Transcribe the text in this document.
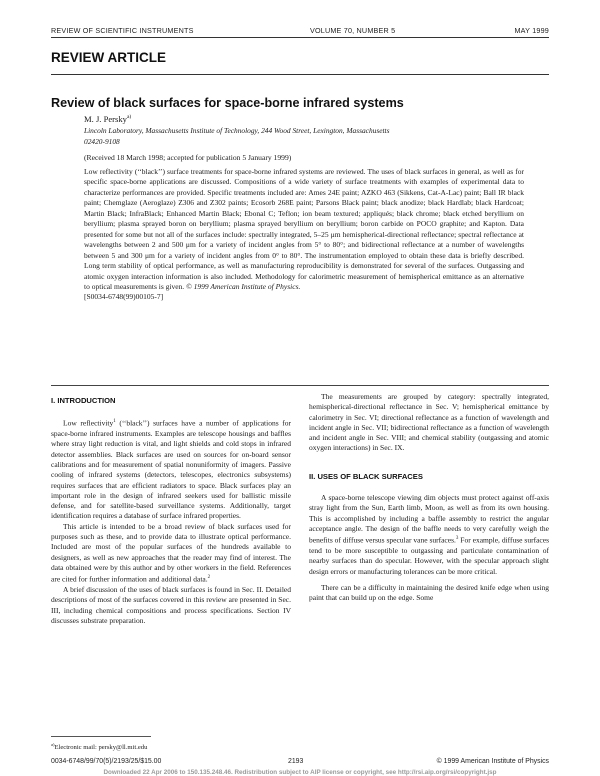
REVIEW OF SCIENTIFIC INSTRUMENTS	VOLUME 70, NUMBER 5	MAY 1999
REVIEW ARTICLE
Review of black surfaces for space-borne infrared systems
M. J. Persky$^{a)}$
Lincoln Laboratory, Massachusetts Institute of Technology, 244 Wood Street, Lexington, Massachusetts
02420-9108
(Received 18 March 1998; accepted for publication 5 January 1999)
Low reflectivity (‘‘black’’) surface treatments for space-borne infrared systems are reviewed. The uses of black surfaces in general, as well as for specific space-borne applications are discussed. Compositions of a wide variety of surface treatments with examples of experimental data to characterize performances are provided. Specific treatments included are: Ames 24E paint; AZKO 463 (Sikkens, Cat-A-Lac) paint; Ball IR black paint; Chemglaze (Aeroglaze) Z306 and Z302 paints; Ecosorb 268E paint; Parsons Black paint; black anodize; black Hardlab; black Hardcoat; Martin Black; InfraBlack; Enhanced Martin Black; Ebonal C; Teflon; ion beam textured; appliqués; black chrome; black etched beryllium on beryllium; plasma sprayed boron on beryllium; plasma sprayed beryllium on beryllium; boron carbide on POCO graphite; and Kapton. Data presented for some but not all of the surfaces include: spectrally integrated, 5–25 μm hemispherical-directional reflectance; spectral reflectance at wavelengths between 2 and 500 μm for a variety of incident angles from 5° to 80°; and bidirectional reflectance at a number of wavelengths between 5 and 300 μm for a variety of incident angles from 0° to 80°. The instrumentation employed to obtain these data is briefly described. Long term stability of optical performance, as well as manufacturing reproducibility is demonstrated for several of the surfaces. Outgassing and atomic oxygen interaction information is also included. Methodology for calorimetric measurement of hemispherical emittance as an alternative to optical measurements is given. © 1999 American Institute of Physics.
[S0034-6748(99)00105-7]

I. INTRODUCTION

Low reflectivity$^1$ (‘‘black’’) surfaces have a number of applications for space-borne infrared instruments. Examples are telescope housings and baffles where stray light reduction is vital, and light shields and cold stops in infrared detector assemblies. Black surfaces are used on sources for on-board sensor calibrations and for measurement of spatial nonuniformity of imagers. Passive cooling of infrared systems (detectors, telescopes, electronics subsystems) requires surfaces that are efficient radiators to space. Black surfaces play an important role in the design of infrared seekers used for ballistic missile defense, and for satellite-based surveillance systems. Additionally, target identification requires a database of surface infrared properties.

This article is intended to be a broad review of black surfaces used for purposes such as these, and to provide data to illustrate optical performance. Included are most of the popular surfaces of the hundreds available to designers, as well as new approaches that the reader may find of interest. The data obtained were by this author and by other workers in the field. References are cited for further information and additional data.$^2$

A brief discussion of the uses of black surfaces is found in Sec. II. Detailed descriptions of most of the surfaces covered in this review are presented in Sec. III, including chemical compositions and process specifications. Section IV discusses substrate preparation.

The measurements are grouped by category: spectrally integrated, hemispherical-directional reflectance in Sec. V; hemispherical emittance by calorimetry in Sec. VI; directional reflectance as a function of wavelength and incident angle in Sec. VII; bidirectional reflectance as a function of wavelength and incident angle in Sec. VIII; and chemical stability (outgassing and atomic oxygen interactions) in Sec. IX.

II. USES OF BLACK SURFACES

A space-borne telescope viewing dim objects must protect against off-axis stray light from the Sun, Earth limb, Moon, as well as from its own housing. This is accomplished by including a baffle assembly to restrict the angular acceptance angle. The design of the baffle needs to very carefully weigh the benefits of diffuse versus specular vane surfaces.$^3$ For example, diffuse surfaces tend to be more susceptible to outgassing and particulate contamination of nearby surfaces than do specular. However, with the specular approach slight design errors or manufacturing tolerances can be more critical.

There can be a difficulty in maintaining the desired knife edge when using paint that can build up on the edge. Some

$^{a)}$Electronic mail: persky@ll.mit.edu
0034-6748/99/70(5)/2193/25/$15.00	2193	© 1999 American Institute of Physics
Downloaded 22 Apr 2006 to 150.135.248.46. Redistribution subject to AIP license or copyright, see http://rsi.aip.org/rsi/copyright.jsp
